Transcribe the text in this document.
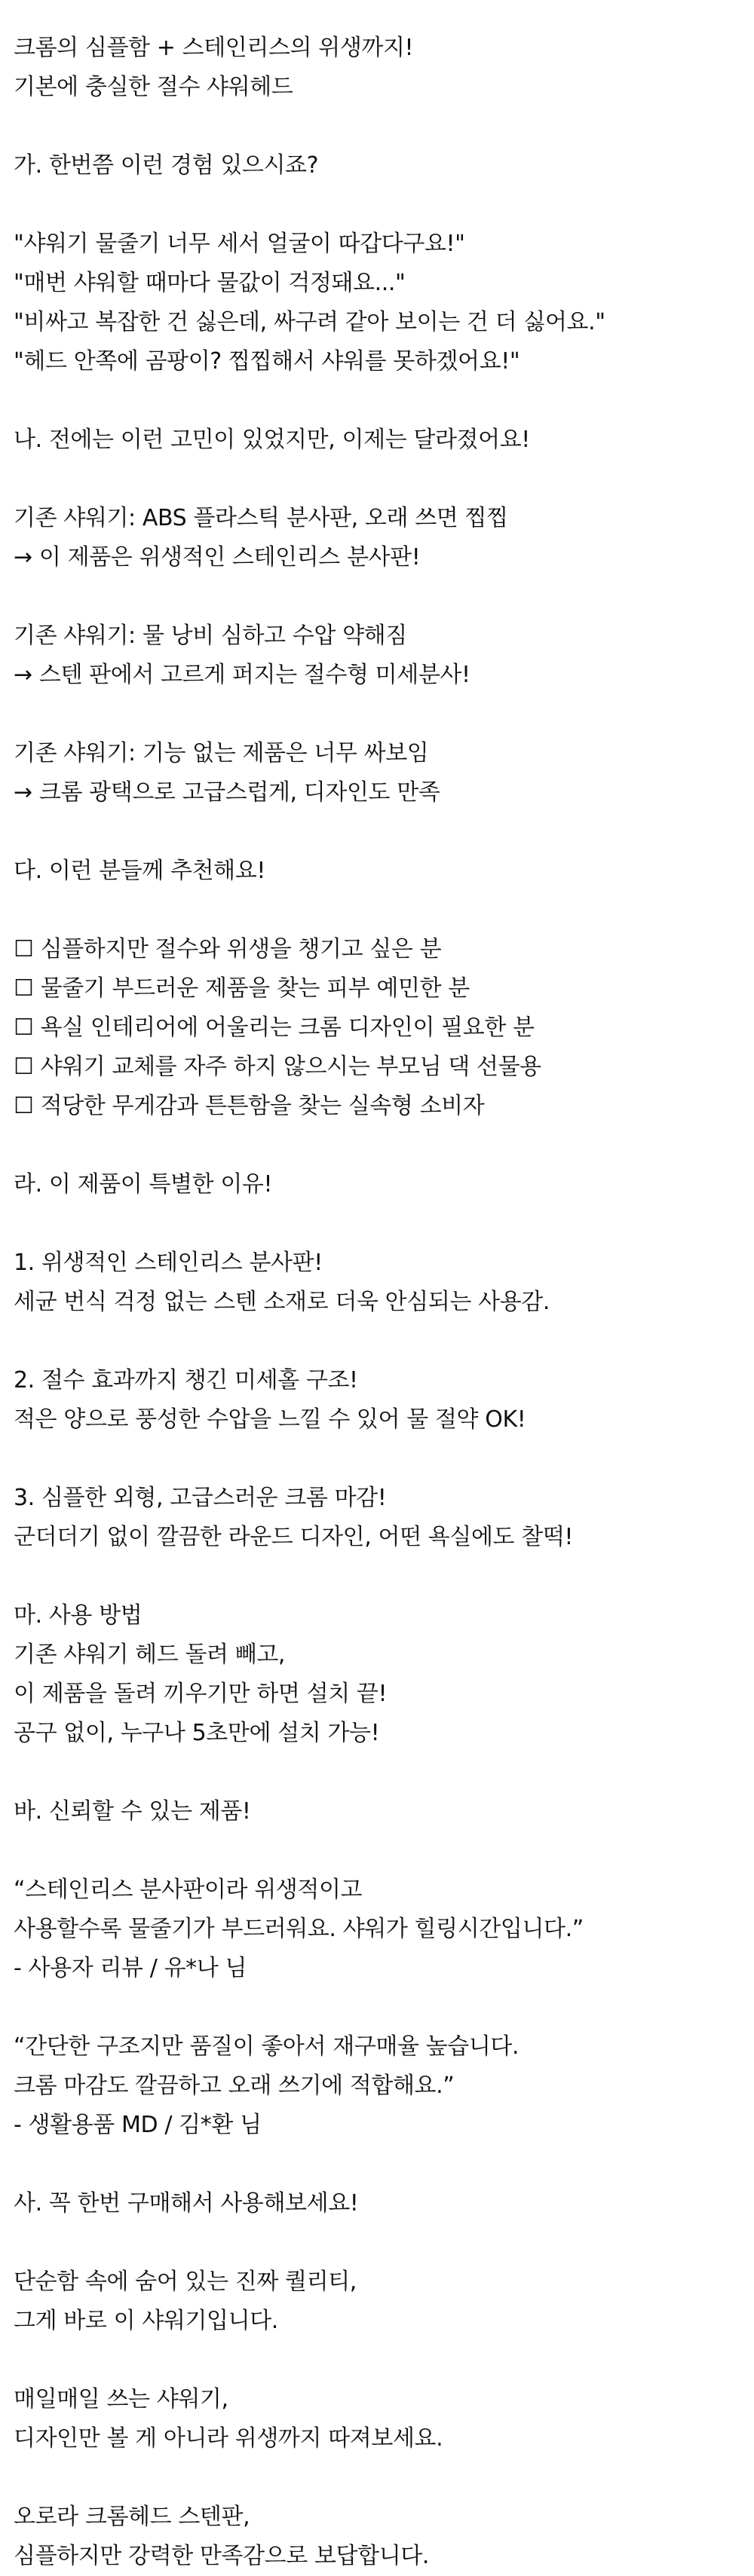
크롬의 심플함 + 스테인리스의 위생까지!
기본에 충실한 절수 샤워헤드
가. 한번쯤 이런 경험 있으시죠?
"샤워기 물줄기 너무 세서 얼굴이 따갑다구요!"
"매번 샤워할 때마다 물값이 걱정돼요..."
"비싸고 복잡한 건 싫은데, 싸구려 같아 보이는 건 더 싫어요."
"헤드 안쪽에 곰팡이? 찝찝해서 샤워를 못하겠어요!"
나. 전에는 이런 고민이 있었지만, 이제는 달라졌어요!
기존 샤워기: ABS 플라스틱 분사판, 오래 쓰면 찝찝
→ 이 제품은 위생적인 스테인리스 분사판!
기존 샤워기: 물 낭비 심하고 수압 약해짐
→ 스텐 판에서 고르게 퍼지는 절수형 미세분사!
기존 샤워기: 기능 없는 제품은 너무 싸보임
→ 크롬 광택으로 고급스럽게, 디자인도 만족
다. 이런 분들께 추천해요!
☐ 심플하지만 절수와 위생을 챙기고 싶은 분
☐ 물줄기 부드러운 제품을 찾는 피부 예민한 분
☐ 욕실 인테리어에 어울리는 크롬 디자인이 필요한 분
☐ 샤워기 교체를 자주 하지 않으시는 부모님 댁 선물용
☐ 적당한 무게감과 튼튼함을 찾는 실속형 소비자
라. 이 제품이 특별한 이유!
1. 위생적인 스테인리스 분사판!
세균 번식 걱정 없는 스텐 소재로 더욱 안심되는 사용감.
2. 절수 효과까지 챙긴 미세홀 구조!
적은 양으로 풍성한 수압을 느낄 수 있어 물 절약 OK!
3. 심플한 외형, 고급스러운 크롬 마감!
군더더기 없이 깔끔한 라운드 디자인, 어떤 욕실에도 찰떡!
마. 사용 방법
기존 샤워기 헤드 돌려 빼고,
이 제품을 돌려 끼우기만 하면 설치 끝!
공구 없이, 누구나 5초만에 설치 가능!
바. 신뢰할 수 있는 제품!
“스테인리스 분사판이라 위생적이고
사용할수록 물줄기가 부드러워요. 샤워가 힐링시간입니다.”
- 사용자 리뷰 / 유*나 님
“간단한 구조지만 품질이 좋아서 재구매율 높습니다.
크롬 마감도 깔끔하고 오래 쓰기에 적합해요.”
- 생활용품 MD / 김*환 님
사. 꼭 한번 구매해서 사용해보세요!
단순함 속에 숨어 있는 진짜 퀄리티,
그게 바로 이 샤워기입니다.
매일매일 쓰는 샤워기,
디자인만 볼 게 아니라 위생까지 따져보세요.
오로라 크롬헤드 스텐판,
심플하지만 강력한 만족감으로 보답합니다.
